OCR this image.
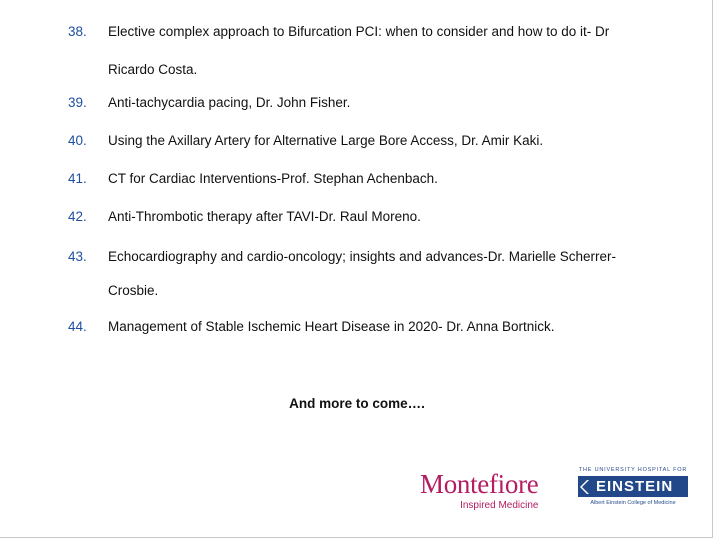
38. Elective complex approach to Bifurcation PCI: when to consider and how to do it- Dr
Ricardo Costa.
39. Anti-tachycardia pacing, Dr. John Fisher.
40. Using the Axillary Artery for Alternative Large Bore Access, Dr. Amir Kaki.
41. CT for Cardiac Interventions-Prof. Stephan Achenbach.
42. Anti-Thrombotic therapy after TAVI-Dr. Raul Moreno.
43. Echocardiography and cardio-oncology; insights and advances-Dr. Marielle Scherrer-
Crosbie.
44. Management of Stable Ischemic Heart Disease in 2020- Dr. Anna Bortnick.
And more to come….
Montefiore
Inspired Medicine
THE UNIVERSITY HOSPITAL FOR
EINSTEIN
Albert Einstein College of Medicine
